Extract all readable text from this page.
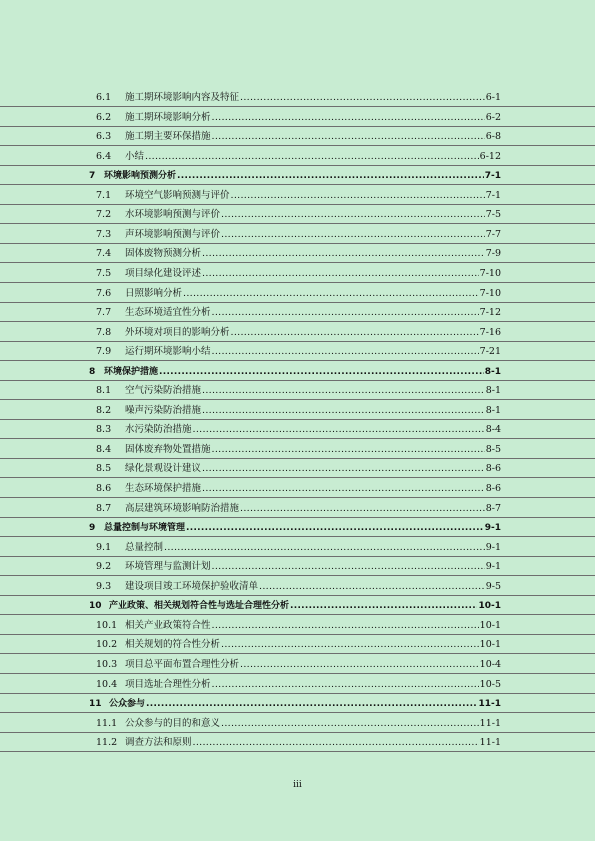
6.1 施工期环境影响内容及特征 .....	6-1
6.2 施工期环境影响分析 .....	6-2
6.3 施工期主要环保措施 .....	6-8
6.4 小结 .....	6-12
7 环境影响预测分析 .....	7-1
7.1 环境空气影响预测与评价 .....	7-1
7.2 水环境影响预测与评价 .....	7-5
7.3 声环境影响预测与评价 .....	7-7
7.4 固体废物预测分析 .....	7-9
7.5 项目绿化建设评述 .....	7-10
7.6 日照影响分析 .....	7-10
7.7 生态环境适宜性分析 .....	7-12
7.8 外环境对项目的影响分析 .....	7-16
7.9 运行期环境影响小结 .....	7-21
8 环境保护措施 .....	8-1
8.1 空气污染防治措施 .....	8-1
8.2 噪声污染防治措施 .....	8-1
8.3 水污染防治措施 .....	8-4
8.4 固体废弃物处置措施 .....	8-5
8.5 绿化景观设计建议 .....	8-6
8.6 生态环境保护措施 .....	8-6
8.7 高层建筑环境影响防治措施 .....	8-7
9 总量控制与环境管理 .....	9-1
9.1 总量控制 .....	9-1
9.2 环境管理与监测计划 .....	9-1
9.3 建设项目竣工环境保护验收清单 .....	9-5
10 产业政策、相关规划符合性与选址合理性分析 .....	10-1
10.1 相关产业政策符合性 .....	10-1
10.2 相关规划的符合性分析 .....	10-1
10.3 项目总平面布置合理性分析 .....	10-4
10.4 项目选址合理性分析 .....	10-5
11 公众参与 .....	11-1
11.1 公众参与的目的和意义 .....	11-1
11.2 调查方法和原则 .....	11-1
iii
